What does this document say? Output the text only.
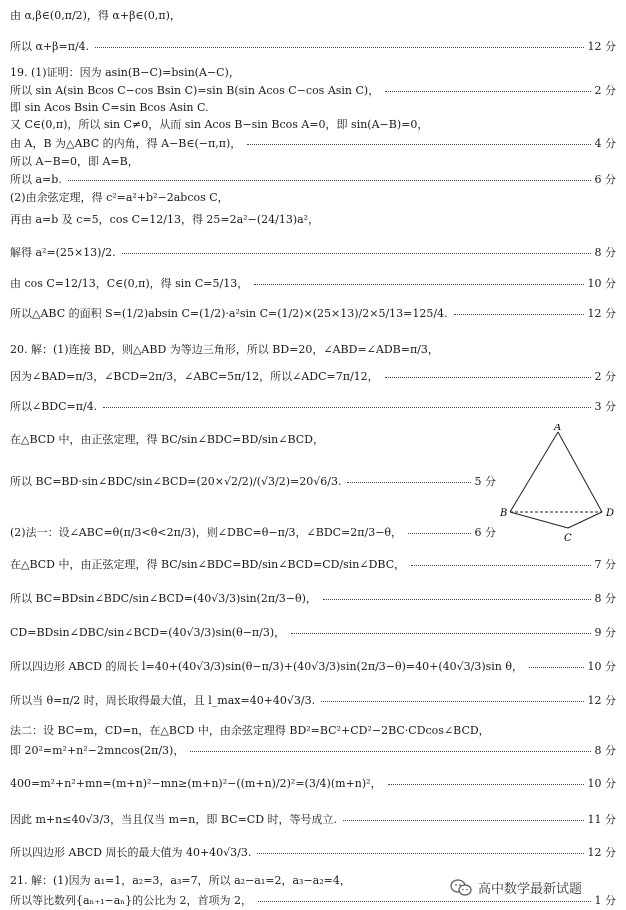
由 α,β∈(0,π/2)，得 α+β∈(0,π)，
所以 α+β=π/4.	12 分
19. (1)证明：因为 asin(B−C)=bsin(A−C)，
所以 sin A(sin Bcos C−cos Bsin C)=sin B(sin Acos C−cos Asin C)，	2 分
即 sin Acos Bsin C=sin Bcos Asin C.
又 C∈(0,π)，所以 sin C≠0，从而 sin Acos B−sin Bcos A=0，即 sin(A−B)=0，
由 A，B 为△ABC 的内角，得 A−B∈(−π,π)，	4 分
所以 A−B=0，即 A=B，
所以 a=b.	6 分
(2)由余弦定理，得 c²=a²+b²−2abcos C，
再由 a=b 及 c=5，cos C=12/13，得 25=2a²−(24/13)a²，
解得 a²=(25×13)/2.	8 分
由 cos C=12/13，C∈(0,π)，得 sin C=5/13，	10 分
所以△ABC 的面积 S=(1/2)absin C=(1/2)·a²sin C=(1/2)×(25×13)/2×5/13=125/4.	12 分
20. 解：(1)连接 BD，则△ABD 为等边三角形，所以 BD=20，∠ABD=∠ADB=π/3，
因为∠BAD=π/3，∠BCD=2π/3，∠ABC=5π/12，所以∠ADC=7π/12，	2 分
所以∠BDC=π/4.	3 分
在△BCD 中，由正弦定理，得 BC/sin∠BDC=BD/sin∠BCD，
所以 BC=BD·sin∠BDC/sin∠BCD=(20×√2/2)/(√3/2)=20√6/3.	5 分
(2)法一：设∠ABC=θ(π/3<θ<2π/3)，则∠DBC=θ−π/3，∠BDC=2π/3−θ，	6 分
在△BCD 中，由正弦定理，得 BC/sin∠BDC=BD/sin∠BCD=CD/sin∠DBC，	7 分
所以 BC=BDsin∠BDC/sin∠BCD=(40√3/3)sin(2π/3−θ)，	8 分
CD=BDsin∠DBC/sin∠BCD=(40√3/3)sin(θ−π/3)，	9 分
所以四边形 ABCD 的周长 l=40+(40√3/3)sin(θ−π/3)+(40√3/3)sin(2π/3−θ)=40+(40√3/3)sin θ，	10 分
所以当 θ=π/2 时，周长取得最大值，且 l_max=40+40√3/3.	12 分
法二：设 BC=m，CD=n，在△BCD 中，由余弦定理得 BD²=BC²+CD²−2BC·CDcos∠BCD，
即 20²=m²+n²−2mncos(2π/3)，	8 分
400=m²+n²+mn=(m+n)²−mn≥(m+n)²−((m+n)/2)²=(3/4)(m+n)²，	10 分
因此 m+n≤40√3/3，当且仅当 m=n，即 BC=CD 时，等号成立.	11 分
所以四边形 ABCD 周长的最大值为 40+40√3/3.	12 分
21. 解：(1)因为 a₁=1，a₂=3，a₃=7，所以 a₂−a₁=2，a₃−a₂=4，
所以等比数列{aₙ₊₁−aₙ}的公比为 2，首项为 2，	1 分
A
B
C
D
高中数学最新试题
